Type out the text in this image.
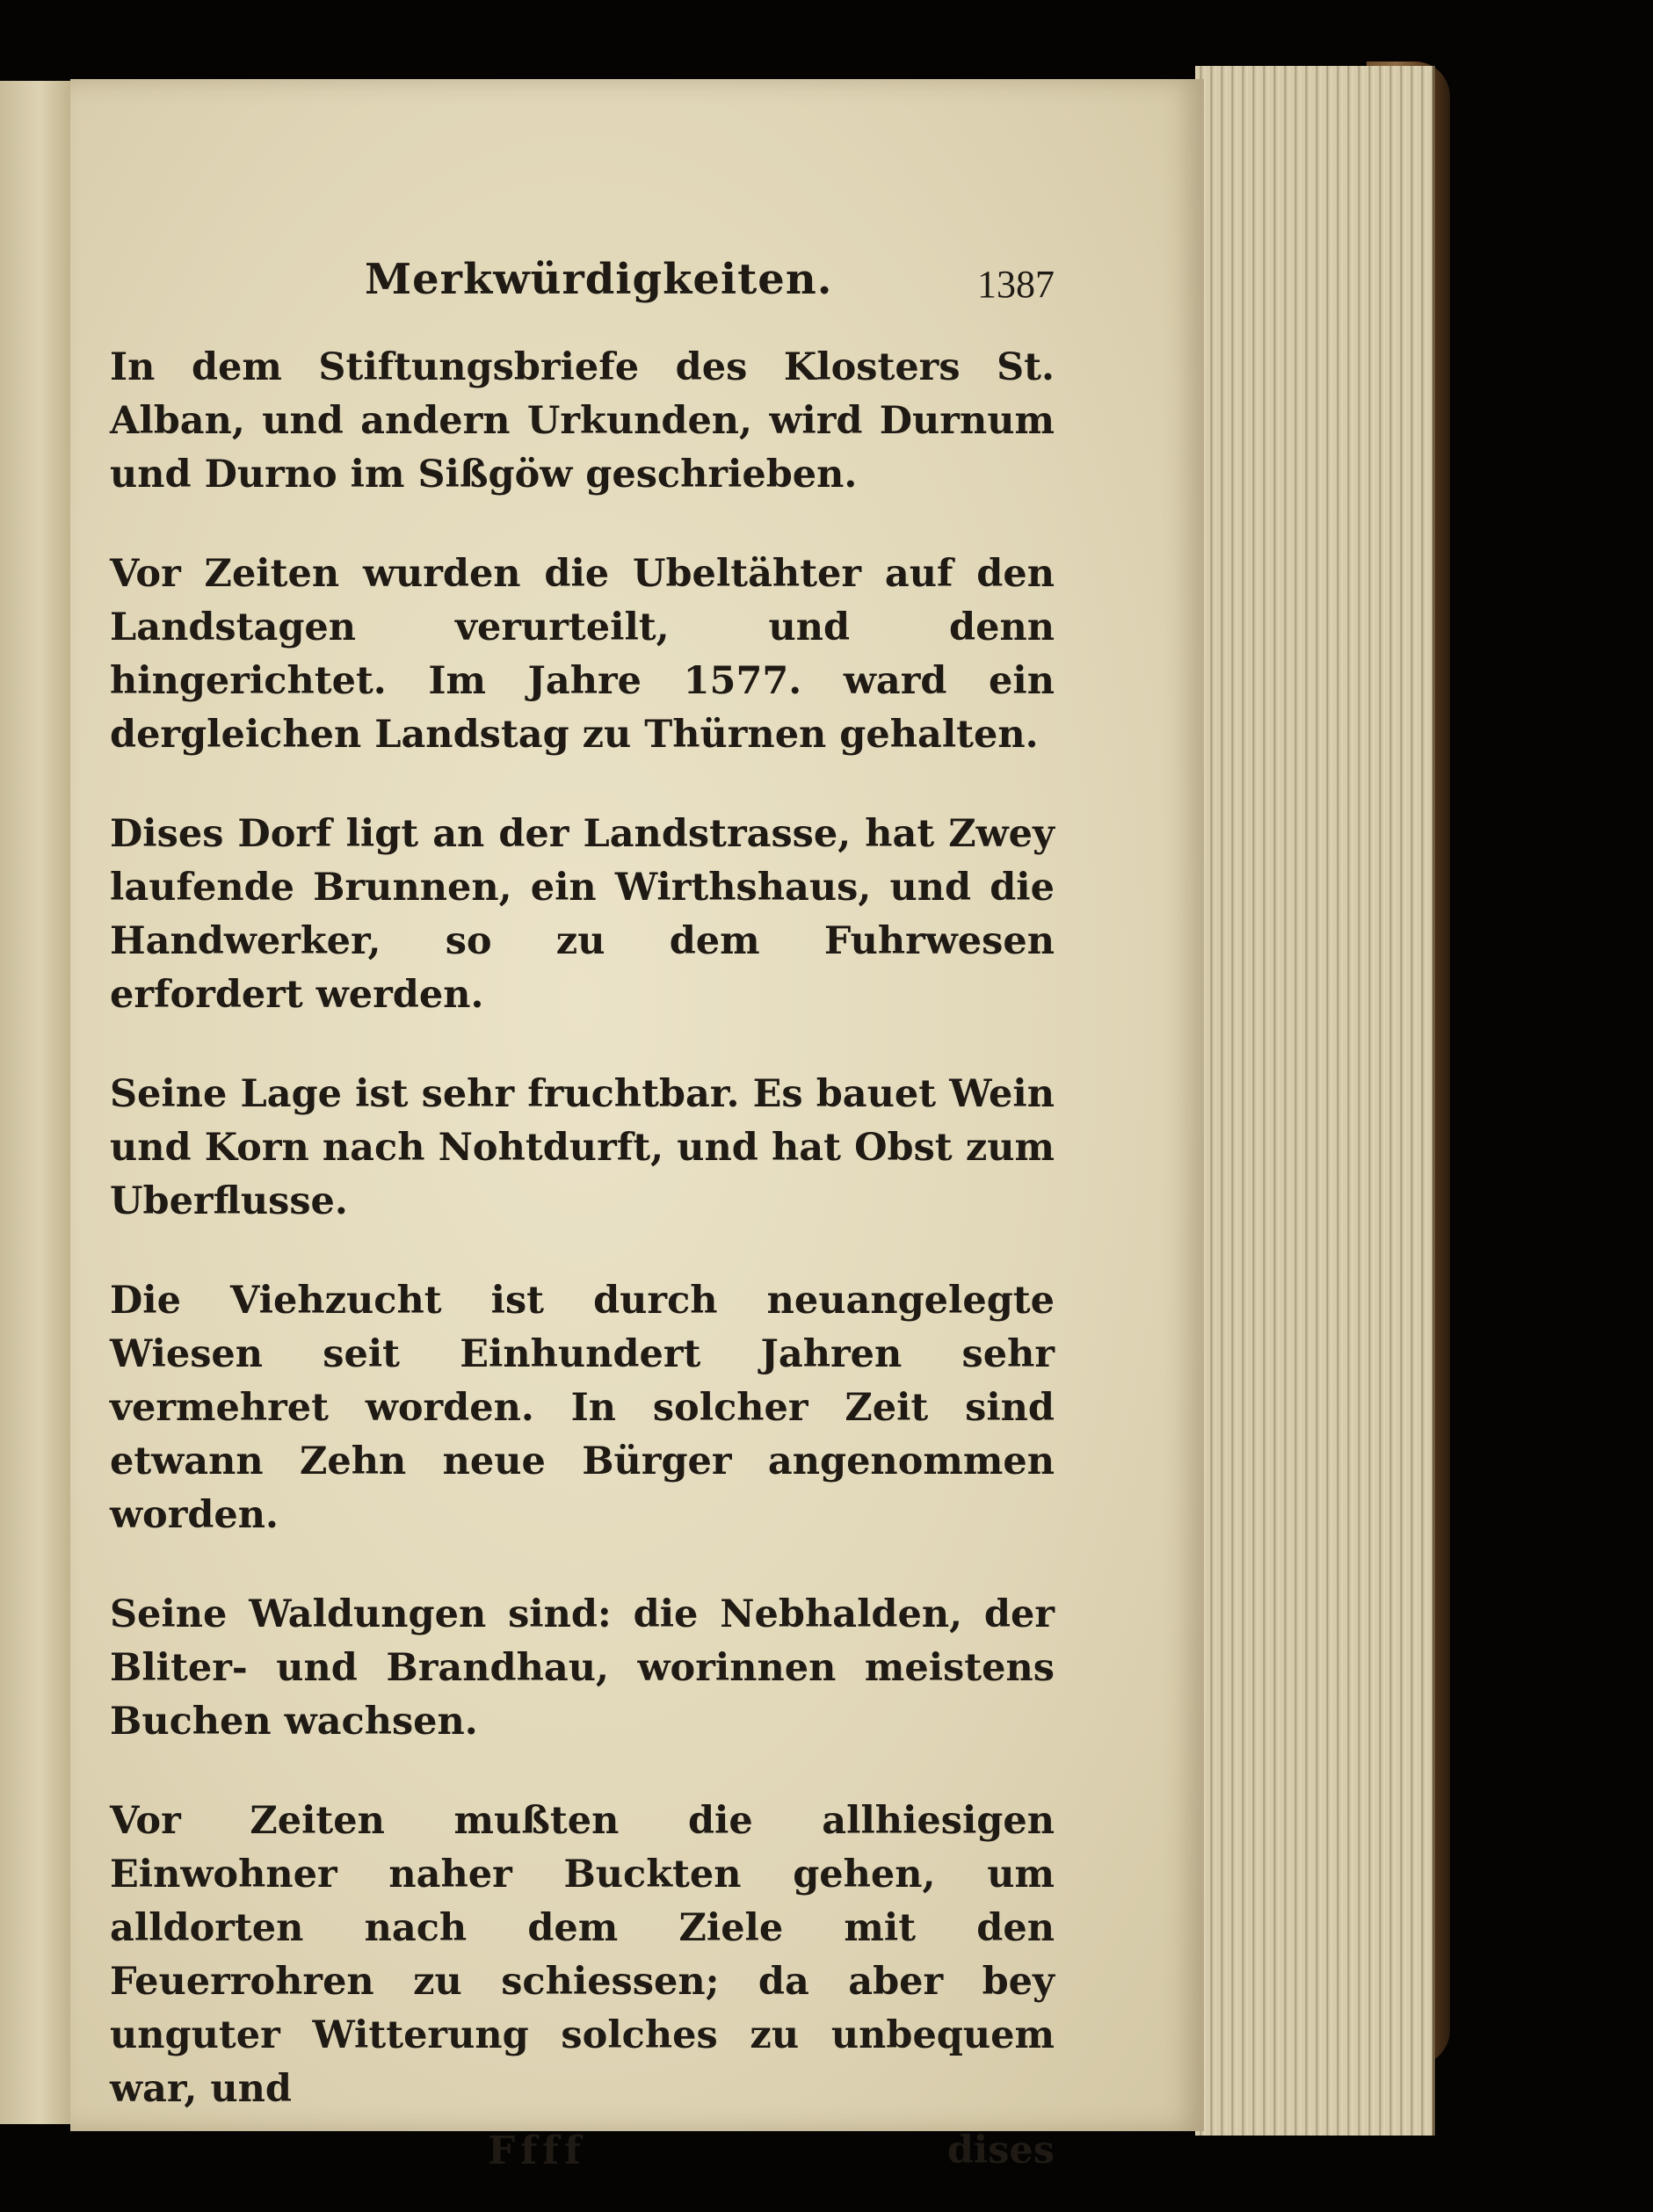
Merkwürdigkeiten.	1387

In dem Stiftungsbriefe des Klosters St. Alban, und andern Urkunden, wird Durnum und Durno im Sißgöw geschrieben.

Vor Zeiten wurden die Ubeltähter auf den Landstagen verurteilt, und denn hingerichtet. Im Jahre 1577. ward ein dergleichen Landstag zu Thürnen gehalten.

Dises Dorf ligt an der Landstrasse, hat Zwey laufende Brunnen, ein Wirthshaus, und die Handwerker, so zu dem Fuhrwesen erfordert werden.

Seine Lage ist sehr fruchtbar. Es bauet Wein und Korn nach Nohtdurft, und hat Obst zum Uberflusse.

Die Viehzucht ist durch neuangelegte Wiesen seit Einhundert Jahren sehr vermehret worden. In solcher Zeit sind etwann Zehn neue Bürger angenommen worden.

Seine Waldungen sind: die Nebhalden, der Bliter- und Brandhau, worinnen meistens Buchen wachsen.

Vor Zeiten mußten die allhiesigen Einwohner naher Buckten gehen, um alldorten nach dem Ziele mit den Feuerrohren zu schiessen; da aber bey unguter Witterung solches zu unbequem war, und

Ffff	dises
